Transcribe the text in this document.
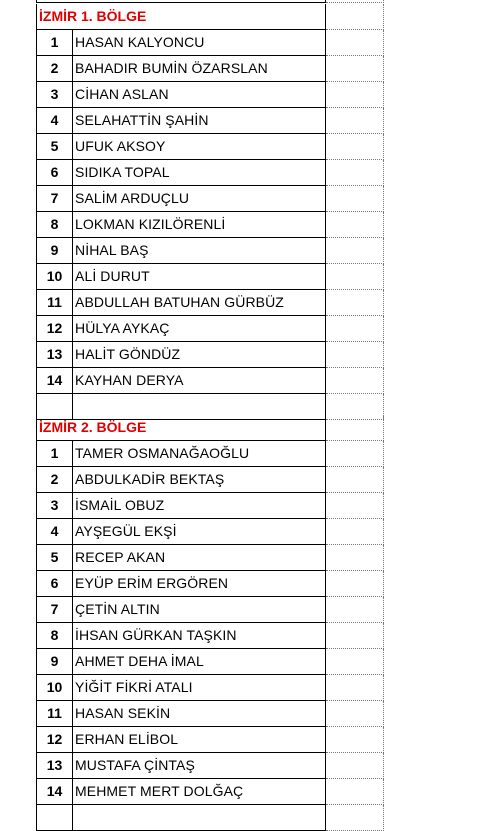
İZMİR 1. BÖLGE
1	HASAN KALYONCU
2	BAHADIR BUMİN ÖZARSLAN
3	CİHAN ASLAN
4	SELAHATTİN ŞAHİN
5	UFUK AKSOY
6	SIDIKA TOPAL
7	SALİM ARDUÇLU
8	LOKMAN KIZILÖRENLİ
9	NİHAL BAŞ
10 ALİ DURUT
11 ABDULLAH BATUHAN GÜRBÜZ
12 HÜLYA AYKAÇ
13 HALİT GÖNDÜZ
14 KAYHAN DERYA
İZMİR 2. BÖLGE
1	TAMER OSMANAĞAOĞLU
2	ABDULKADİR BEKTAŞ
3	İSMAİL OBUZ
4	AYŞEGÜL EKŞİ
5	RECEP AKAN
6	EYÜP ERİM ERGÖREN
7	ÇETİN ALTIN
8	İHSAN GÜRKAN TAŞKIN
9	AHMET DEHA İMAL
10 YİĞİT FİKRİ ATALI
11 HASAN SEKİN
12 ERHAN ELİBOL
13 MUSTAFA ÇİNTAŞ
14 MEHMET MERT DOLĞAÇ
